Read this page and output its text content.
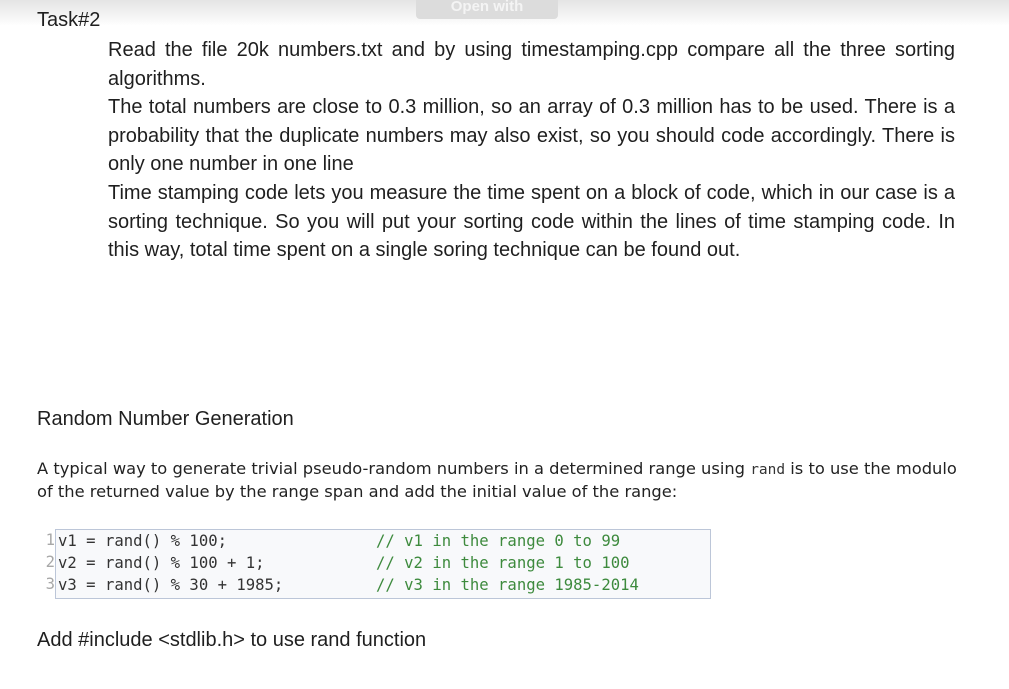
Open with
Task#2

Read the file 20k numbers.txt and by using timestamping.cpp compare all the three sorting algorithms.

The total numbers are close to 0.3 million, so an array of 0.3 million has to be used. There is a probability that the duplicate numbers may also exist, so you should code accordingly. There is only one number in one line

Time stamping code lets you measure the time spent on a block of code, which in our case is a sorting technique. So you will put your sorting code within the lines of time stamping code. In this way, total time spent on a single soring technique can be found out.

Random Number Generation
A typical way to generate trivial pseudo-random numbers in a determined range using rand is to use the modulo of the returned value by the range span and add the initial value of the range:
1
2
3
v1 = rand() % 100;	// v1 in the range 0 to 99
v2 = rand() % 100 + 1;	// v2 in the range 1 to 100
v3 = rand() % 30 + 1985;	// v3 in the range 1985-2014
Add #include <stdlib.h> to use rand function
